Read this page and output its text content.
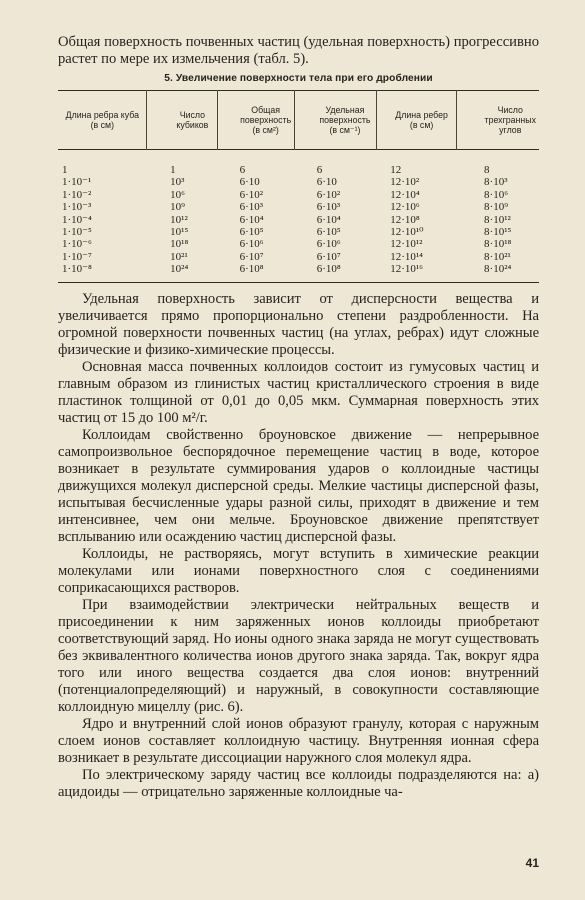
Общая поверхность почвенных частиц (удельная поверхность) прогрессивно растет по мере их измельчения (табл. 5).

5. Увеличение поверхности тела при его дроблении
Длина ребра куба (в см)	Число кубиков	Общая поверхность (в см²)	Удельная поверхность (в см⁻¹)	Длина ребер (в см)	Число трехгранных углов
1	1	6	6	12	8
1·10⁻¹	10³	6·10	6·10	12·10²	8·10³
1·10⁻²	10⁶	6·10²	6·10²	12·10⁴	8·10⁶
1·10⁻³	10⁹	6·10³	6·10³	12·10⁶	8·10⁹
1·10⁻⁴	10¹²	6·10⁴	6·10⁴	12·10⁸	8·10¹²
1·10⁻⁵	10¹⁵	6·10⁵	6·10⁵	12·10¹⁰	8·10¹⁵
1·10⁻⁶	10¹⁸	6·10⁶	6·10⁶	12·10¹²	8·10¹⁸
1·10⁻⁷	10²¹	6·10⁷	6·10⁷	12·10¹⁴	8·10²¹
1·10⁻⁸	10²⁴	6·10⁸	6·10⁸	12·10¹⁶	8·10²⁴

Удельная поверхность зависит от дисперсности вещества и увеличивается прямо пропорционально степени раздробленности. На огромной поверхности почвенных частиц (на углах, ребрах) идут сложные физические и физико-химические процессы.

Основная масса почвенных коллоидов состоит из гумусовых частиц и главным образом из глинистых частиц кристаллического строения в виде пластинок толщиной от 0,01 до 0,05 мкм. Суммарная поверхность этих частиц от 15 до 100 м²/г.

Коллоидам свойственно броуновское движение — непрерывное самопроизвольное беспорядочное перемещение частиц в воде, которое возникает в результате суммирования ударов о коллоидные частицы движущихся молекул дисперсной среды. Мелкие частицы дисперсной фазы, испытывая бесчисленные удары разной силы, приходят в движение и тем интенсивнее, чем они мельче. Броуновское движение препятствует всплыванию или осаждению частиц дисперсной фазы.

Коллоиды, не растворяясь, могут вступить в химические реакции молекулами или ионами поверхностного слоя с соединениями соприкасающихся растворов.

При взаимодействии электрически нейтральных веществ и присоединении к ним заряженных ионов коллоиды приобретают соответствующий заряд. Но ионы одного знака заряда не могут существовать без эквивалентного количества ионов другого знака заряда. Так, вокруг ядра того или иного вещества создается два слоя ионов: внутренний (потенциалопределяющий) и наружный, в совокупности составляющие коллоидную мицеллу (рис. 6).

Ядро и внутренний слой ионов образуют гранулу, которая с наружным слоем ионов составляет коллоидную частицу. Внутренняя ионная сфера возникает в результате диссоциации наружного слоя молекул ядра.

По электрическому заряду частиц все коллоиды подразделяются на: а) ацидоиды — отрицательно заряженные коллоидные ча-

41
